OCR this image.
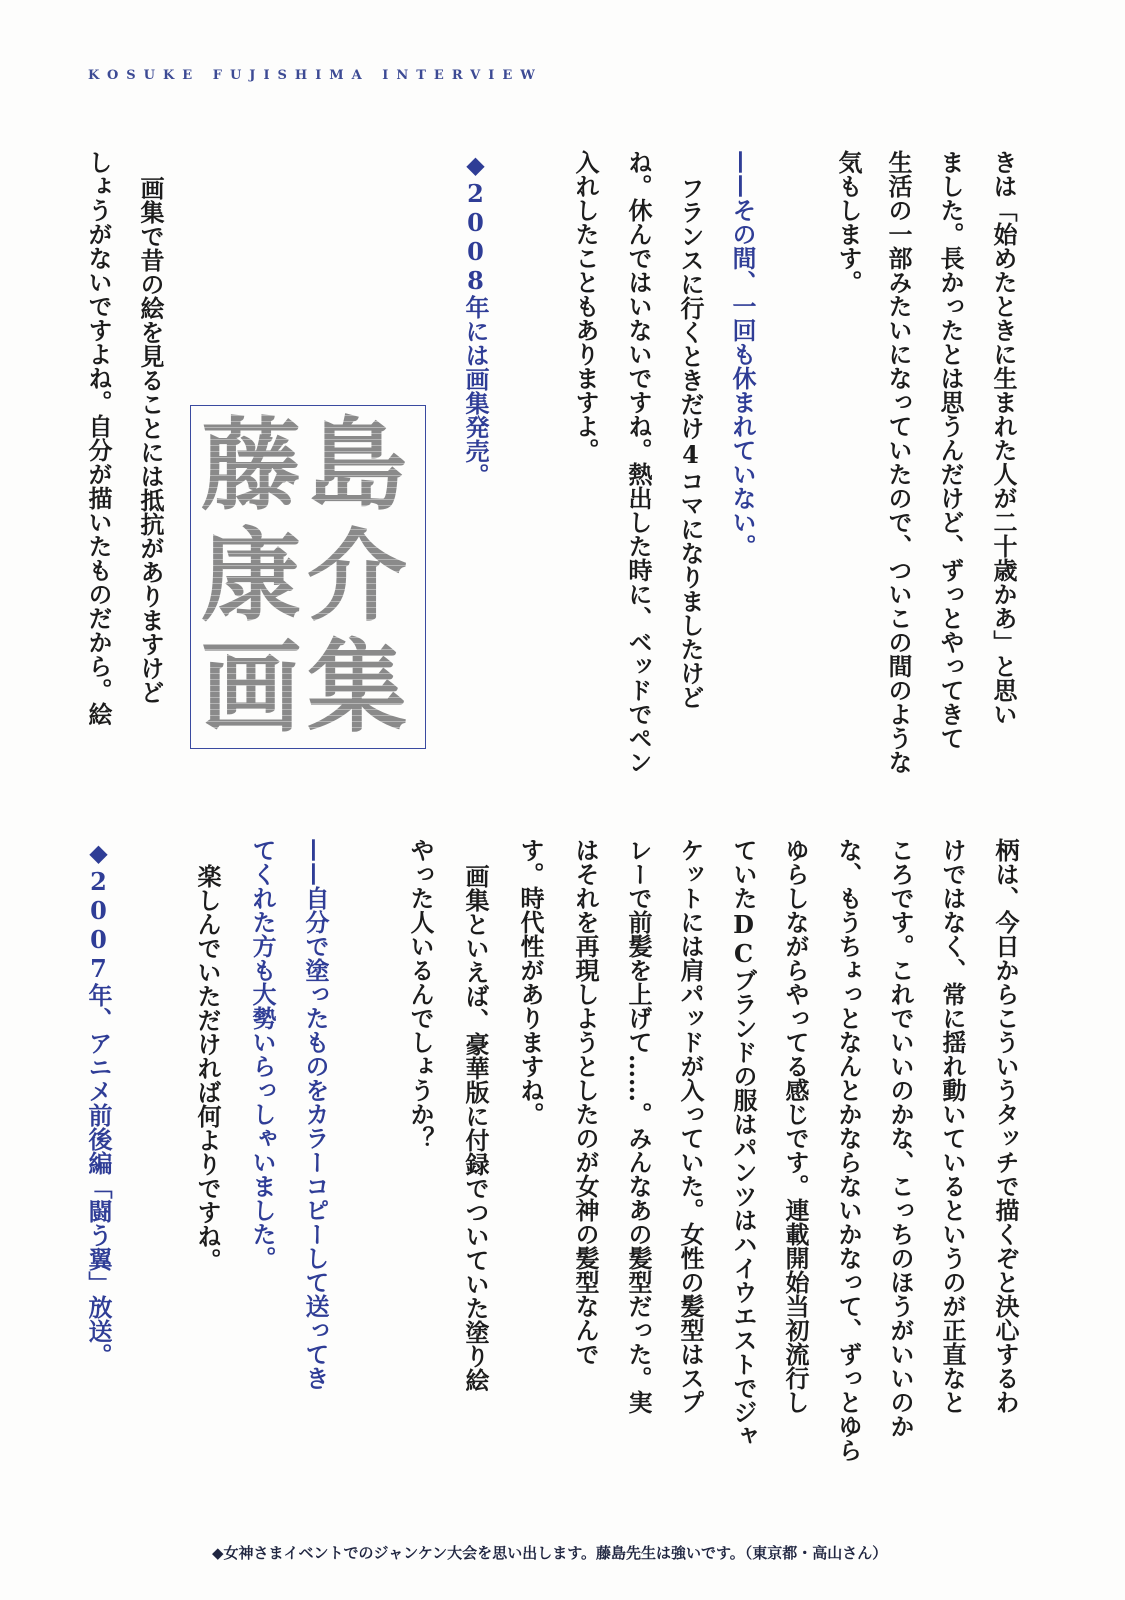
KOSUKE FUJISHIMA INTERVIEW
きは「始めたときに生まれた人が二十歳かあ」と思い
ました。長かったとは思うんだけど、ずっとやってきて
生活の一部みたいになっていたので、ついこの間のような
気もします。
——その間、一回も休まれていない。
フランスに行くときだけ4コマになりましたけど
ね。休んではいないですね。熱出した時に、ベッドでペン
入れしたこともありますよ。
◆2008年には画集発売。
藤島康介画集
画集で昔の絵を見ることには抵抗がありますけど
しょうがないですよね。自分が描いたものだから。絵
柄は、今日からこういうタッチで描くぞと決心するわ
けではなく、常に揺れ動いているというのが正直なと
ころです。これでいいのかな、こっちのほうがいいのか
な、もうちょっとなんとかならないかなって、ずっとゆら
ゆらしながらやってる感じです。連載開始当初流行し
ていたDCブランドの服はパンツはハイウエストでジャ
ケットには肩パッドが入っていた。女性の髪型はスプ
レーで前髪を上げて……。みんなあの髪型だった。実
はそれを再現しようとしたのが女神の髪型なんで
す。時代性がありますね。
画集といえば、豪華版に付録でついていた塗り絵
やった人いるんでしょうか？
——自分で塗ったものをカラーコピーして送ってき
てくれた方も大勢いらっしゃいました。
楽しんでいただければ何よりですね。
◆2007年、アニメ前後編「闘う翼」放送。
◆女神さまイベントでのジャンケン大会を思い出します。藤島先生は強いです。（東京都・高山さん）
